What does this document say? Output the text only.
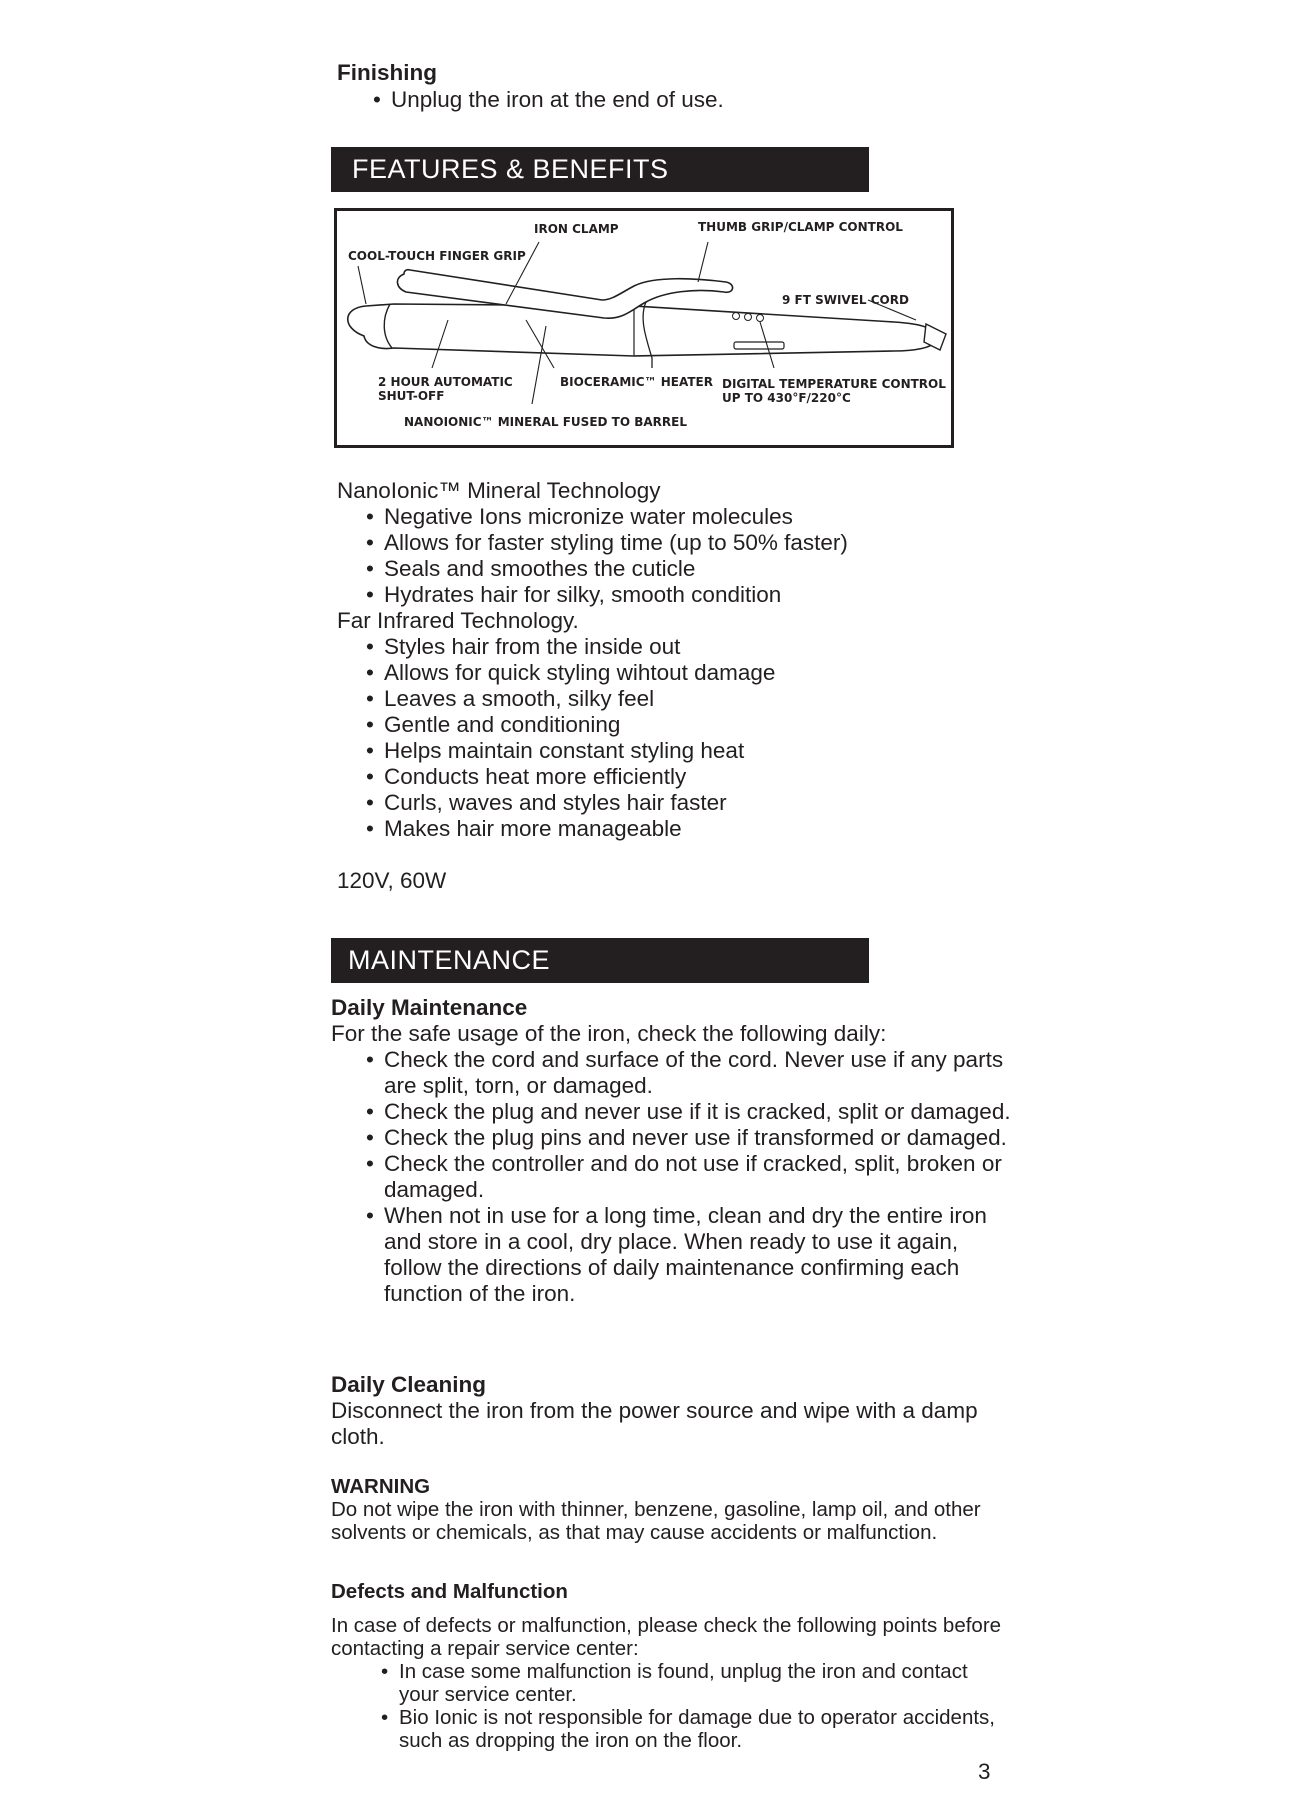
Finishing
• Unplug the iron at the end of use.
FEATURES & BENEFITS
IRON CLAMP	THUMB GRIP/CLAMP CONTROL
COOL-TOUCH FINGER GRIP
9 FT SWIVEL CORD
2 HOUR AUTOMATIC
SHUT-OFF
BIOCERAMIC™ HEATER DIGITAL TEMPERATURE CONTROL
UP TO 430°F/220°C
NANOIONIC™ MINERAL FUSED TO BARREL
NanoIonic™ Mineral Technology
• Negative Ions micronize water molecules
• Allows for faster styling time (up to 50% faster)
• Seals and smoothes the cuticle
• Hydrates hair for silky, smooth condition
Far Infrared Technology.
• Styles hair from the inside out
• Allows for quick styling wihtout damage
• Leaves a smooth, silky feel
• Gentle and conditioning
• Helps maintain constant styling heat
• Conducts heat more efficiently
• Curls, waves and styles hair faster
• Makes hair more manageable
120V, 60W
MAINTENANCE
Daily Maintenance
For the safe usage of the iron, check the following daily:
• Check the cord and surface of the cord. Never use if any parts are split, torn, or damaged.
• Check the plug and never use if it is cracked, split or damaged.
• Check the plug pins and never use if transformed or damaged.
• Check the controller and do not use if cracked, split, broken or damaged.
• When not in use for a long time, clean and dry the entire iron and store in a cool, dry place. When ready to use it again, follow the directions of daily maintenance confirming each function of the iron.
Daily Cleaning
Disconnect the iron from the power source and wipe with a damp cloth.
WARNING
Do not wipe the iron with thinner, benzene, gasoline, lamp oil, and other solvents or chemicals, as that may cause accidents or malfunction.
Defects and Malfunction
In case of defects or malfunction, please check the following points before contacting a repair service center:
• In case some malfunction is found, unplug the iron and contact your service center.
• Bio Ionic is not responsible for damage due to operator accidents, such as dropping the iron on the floor.
3
